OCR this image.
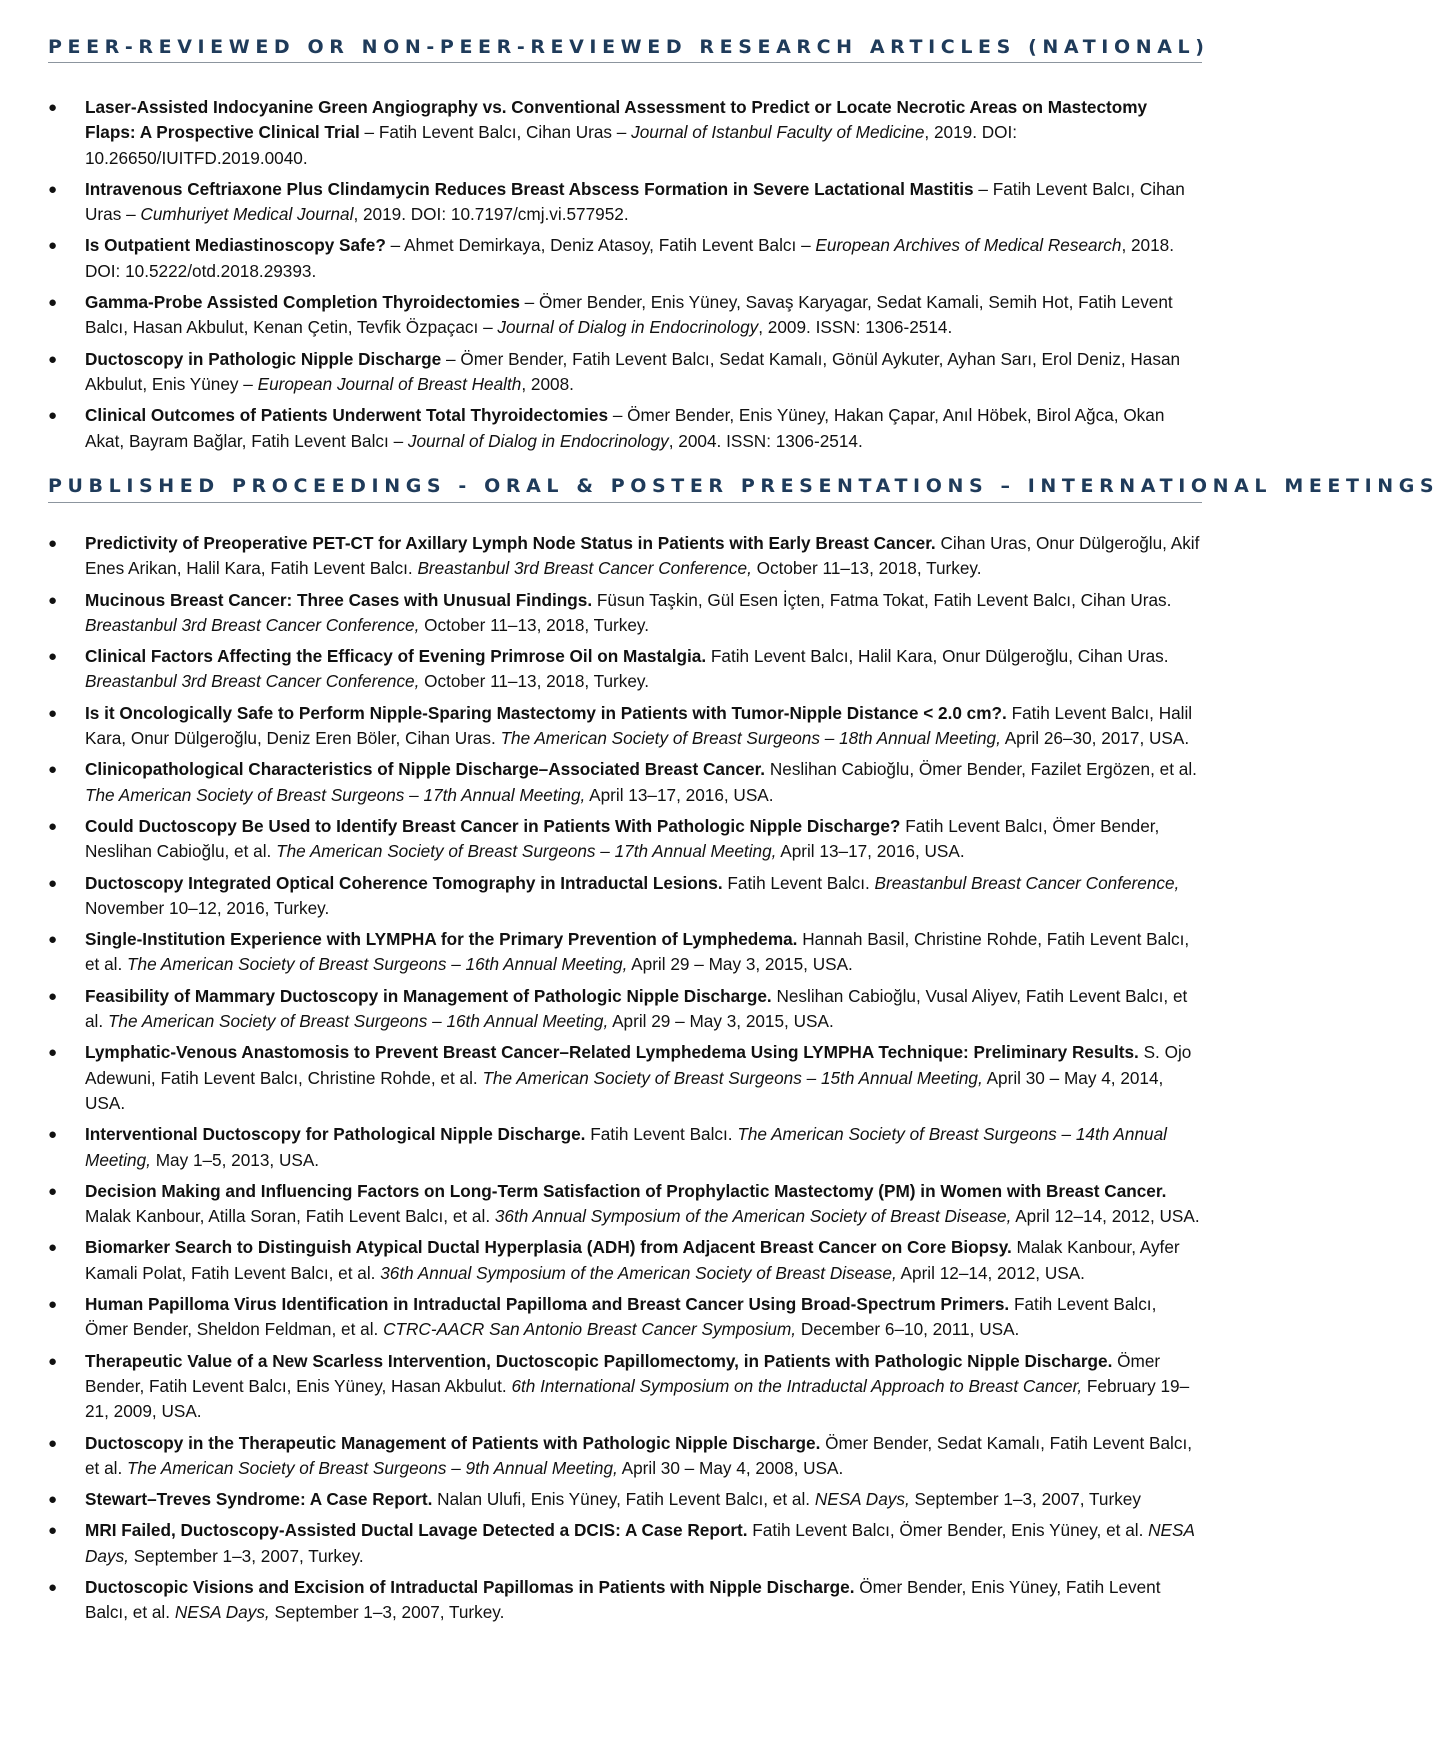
PEER-REVIEWED OR NON-PEER-REVIEWED RESEARCH ARTICLES (NATIONAL)
● Laser-Assisted Indocyanine Green Angiography vs. Conventional Assessment to Predict or Locate Necrotic Areas on Mastectomy Flaps: A Prospective Clinical Trial – Fatih Levent Balcı, Cihan Uras – Journal of Istanbul Faculty of Medicine, 2019. DOI: 10.26650/IUITFD.2019.0040.
● Intravenous Ceftriaxone Plus Clindamycin Reduces Breast Abscess Formation in Severe Lactational Mastitis – Fatih Levent Balcı, Cihan Uras – Cumhuriyet Medical Journal, 2019. DOI: 10.7197/cmj.vi.577952.
● Is Outpatient Mediastinoscopy Safe? – Ahmet Demirkaya, Deniz Atasoy, Fatih Levent Balcı – European Archives of Medical Research, 2018. DOI: 10.5222/otd.2018.29393.
● Gamma-Probe Assisted Completion Thyroidectomies – Ömer Bender, Enis Yüney, Savaş Karyagar, Sedat Kamali, Semih Hot, Fatih Levent Balcı, Hasan Akbulut, Kenan Çetin, Tevfik Özpaçacı – Journal of Dialog in Endocrinology, 2009. ISSN: 1306-2514.
● Ductoscopy in Pathologic Nipple Discharge – Ömer Bender, Fatih Levent Balcı, Sedat Kamalı, Gönül Aykuter, Ayhan Sarı, Erol Deniz, Hasan Akbulut, Enis Yüney – European Journal of Breast Health, 2008.
● Clinical Outcomes of Patients Underwent Total Thyroidectomies – Ömer Bender, Enis Yüney, Hakan Çapar, Anıl Höbek, Birol Ağca, Okan Akat, Bayram Bağlar, Fatih Levent Balcı – Journal of Dialog in Endocrinology, 2004. ISSN: 1306-2514.
PUBLISHED PROCEEDINGS - ORAL & POSTER PRESENTATIONS – INTERNATIONAL MEETINGS
● Predictivity of Preoperative PET-CT for Axillary Lymph Node Status in Patients with Early Breast Cancer. Cihan Uras, Onur Dülgeroğlu, Akif Enes Arikan, Halil Kara, Fatih Levent Balcı. Breastanbul 3rd Breast Cancer Conference, October 11–13, 2018, Turkey.
● Mucinous Breast Cancer: Three Cases with Unusual Findings. Füsun Taşkin, Gül Esen İçten, Fatma Tokat, Fatih Levent Balcı, Cihan Uras. Breastanbul 3rd Breast Cancer Conference, October 11–13, 2018, Turkey.
● Clinical Factors Affecting the Efficacy of Evening Primrose Oil on Mastalgia. Fatih Levent Balcı, Halil Kara, Onur Dülgeroğlu, Cihan Uras. Breastanbul 3rd Breast Cancer Conference, October 11–13, 2018, Turkey.
● Is it Oncologically Safe to Perform Nipple-Sparing Mastectomy in Patients with Tumor-Nipple Distance < 2.0 cm?. Fatih Levent Balcı, Halil Kara, Onur Dülgeroğlu, Deniz Eren Böler, Cihan Uras. The American Society of Breast Surgeons – 18th Annual Meeting, April 26–30, 2017, USA.
● Clinicopathological Characteristics of Nipple Discharge–Associated Breast Cancer. Neslihan Cabioğlu, Ömer Bender, Fazilet Ergözen, et al. The American Society of Breast Surgeons – 17th Annual Meeting, April 13–17, 2016, USA.
● Could Ductoscopy Be Used to Identify Breast Cancer in Patients With Pathologic Nipple Discharge? Fatih Levent Balcı, Ömer Bender, Neslihan Cabioğlu, et al. The American Society of Breast Surgeons – 17th Annual Meeting, April 13–17, 2016, USA.
● Ductoscopy Integrated Optical Coherence Tomography in Intraductal Lesions. Fatih Levent Balcı. Breastanbul Breast Cancer Conference, November 10–12, 2016, Turkey.
● Single-Institution Experience with LYMPHA for the Primary Prevention of Lymphedema. Hannah Basil, Christine Rohde, Fatih Levent Balcı, et al. The American Society of Breast Surgeons – 16th Annual Meeting, April 29 – May 3, 2015, USA.
● Feasibility of Mammary Ductoscopy in Management of Pathologic Nipple Discharge. Neslihan Cabioğlu, Vusal Aliyev, Fatih Levent Balcı, et al. The American Society of Breast Surgeons – 16th Annual Meeting, April 29 – May 3, 2015, USA.
● Lymphatic-Venous Anastomosis to Prevent Breast Cancer–Related Lymphedema Using LYMPHA Technique: Preliminary Results. S. Ojo Adewuni, Fatih Levent Balcı, Christine Rohde, et al. The American Society of Breast Surgeons – 15th Annual Meeting, April 30 – May 4, 2014, USA.
● Interventional Ductoscopy for Pathological Nipple Discharge. Fatih Levent Balcı. The American Society of Breast Surgeons – 14th Annual Meeting, May 1–5, 2013, USA.
● Decision Making and Influencing Factors on Long-Term Satisfaction of Prophylactic Mastectomy (PM) in Women with Breast Cancer. Malak Kanbour, Atilla Soran, Fatih Levent Balcı, et al. 36th Annual Symposium of the American Society of Breast Disease, April 12–14, 2012, USA.
● Biomarker Search to Distinguish Atypical Ductal Hyperplasia (ADH) from Adjacent Breast Cancer on Core Biopsy. Malak Kanbour, Ayfer Kamali Polat, Fatih Levent Balcı, et al. 36th Annual Symposium of the American Society of Breast Disease, April 12–14, 2012, USA.
● Human Papilloma Virus Identification in Intraductal Papilloma and Breast Cancer Using Broad-Spectrum Primers. Fatih Levent Balcı, Ömer Bender, Sheldon Feldman, et al. CTRC-AACR San Antonio Breast Cancer Symposium, December 6–10, 2011, USA.
● Therapeutic Value of a New Scarless Intervention, Ductoscopic Papillomectomy, in Patients with Pathologic Nipple Discharge. Ömer Bender, Fatih Levent Balcı, Enis Yüney, Hasan Akbulut. 6th International Symposium on the Intraductal Approach to Breast Cancer, February 19–21, 2009, USA.
● Ductoscopy in the Therapeutic Management of Patients with Pathologic Nipple Discharge. Ömer Bender, Sedat Kamalı, Fatih Levent Balcı, et al. The American Society of Breast Surgeons – 9th Annual Meeting, April 30 – May 4, 2008, USA.
● Stewart–Treves Syndrome: A Case Report. Nalan Ulufi, Enis Yüney, Fatih Levent Balcı, et al. NESA Days, September 1–3, 2007, Turkey
● MRI Failed, Ductoscopy-Assisted Ductal Lavage Detected a DCIS: A Case Report. Fatih Levent Balcı, Ömer Bender, Enis Yüney, et al. NESA Days, September 1–3, 2007, Turkey.
● Ductoscopic Visions and Excision of Intraductal Papillomas in Patients with Nipple Discharge. Ömer Bender, Enis Yüney, Fatih Levent Balcı, et al. NESA Days, September 1–3, 2007, Turkey.
